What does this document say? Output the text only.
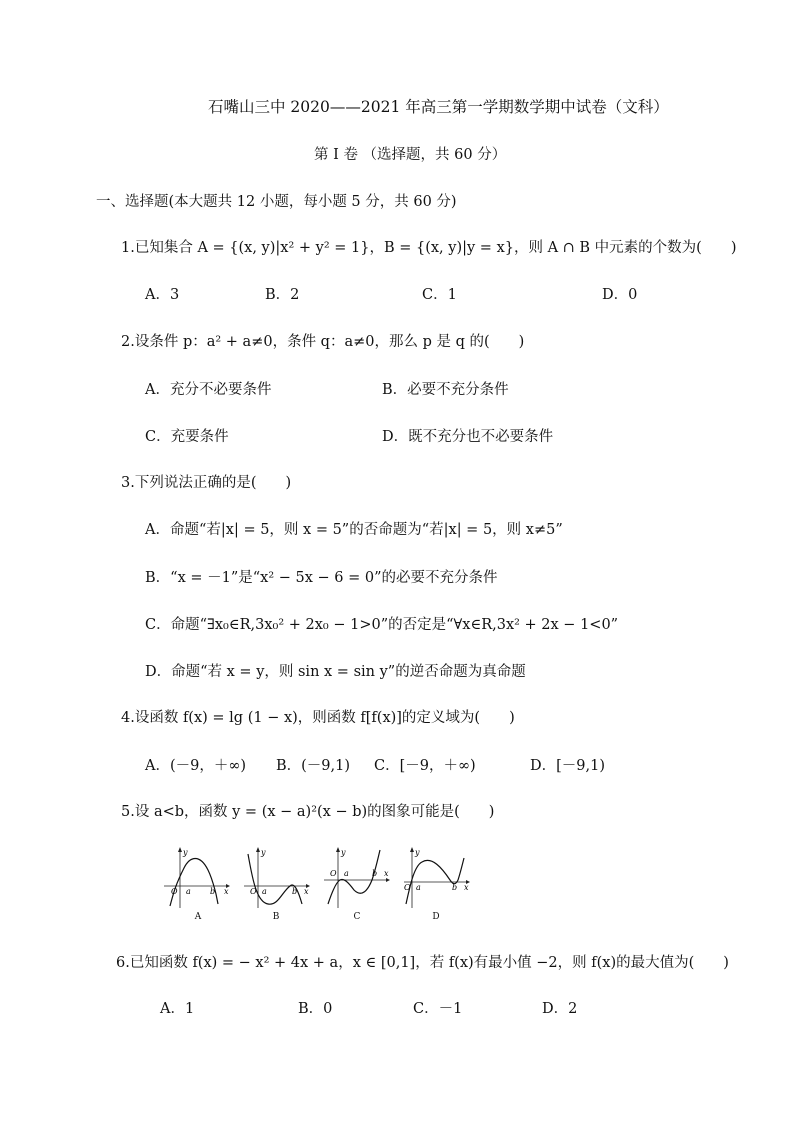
石嘴山三中 2020——2021 年高三第一学期数学期中试卷（文科）
第 I 卷 （选择题，共 60 分）
一、选择题(本大题共 12 小题，每小题 5 分，共 60 分)
1.已知集合 A = {(x, y)|x² + y² = 1}，B = {(x, y)|y = x}，则 A ∩ B 中元素的个数为(　　)
A．3	B．2	C．1	D．0
2.设条件 p：a² + a≠0，条件 q：a≠0，那么 p 是 q 的(　　)
A．充分不必要条件	B．必要不充分条件
C．充要条件	D．既不充分也不必要条件
3.下列说法正确的是(　　)
A．命题“若|x| = 5，则 x = 5”的否命题为“若|x| = 5，则 x≠5”
B．“x = －1”是“x² − 5x − 6 = 0”的必要不充分条件
C．命题“∃x₀∈R,3x₀² + 2x₀ − 1>0”的否定是“∀x∈R,3x² + 2x − 1<0”
D．命题“若 x = y，则 sin x = sin y”的逆否命题为真命题
4.设函数 f(x) = lg (1 − x)，则函数 f[f(x)]的定义域为(　　)
A．(－9，＋∞) B．(－9,1) C．[－9，＋∞)	D．[－9,1)
5.设 a<b，函数 y = (x − a)²(x − b)的图象可能是(　　)
O a b x
y
A
O a	b x
y
B
O a	b x
y
C
O a	b x
y
D
6.已知函数 f(x) = − x² + 4x + a，x ∈ [0,1]，若 f(x)有最小值 −2，则 f(x)的最大值为(　　)
A．1	B．0	C．－1	D．2
